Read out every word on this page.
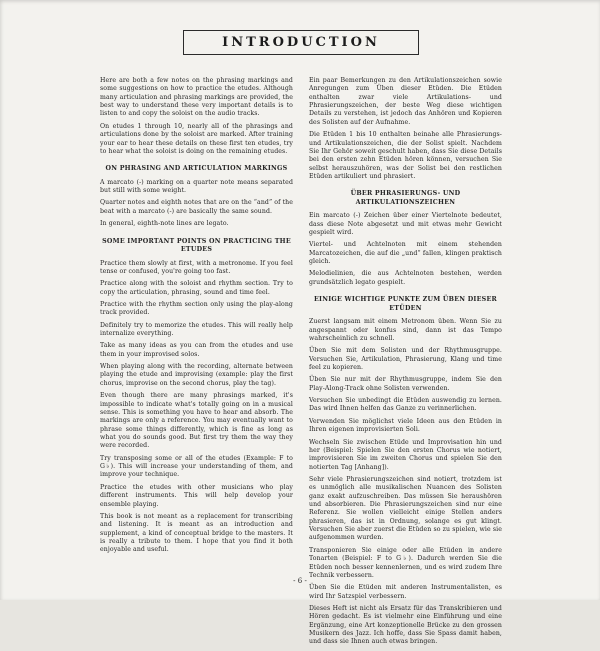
INTRODUCTION

Here are both a few notes on the phrasing markings and some suggestions on how to practice the etudes. Although many articulation and phrasing markings are provided, the best way to understand these very important details is to listen to and copy the soloist on the audio tracks.

On etudes 1 through 10, nearly all of the phrasings and articulations done by the soloist are marked. After training your ear to hear these details on these first ten etudes, try to hear what the soloist is doing on the remaining etudes.

ON PHRASING AND ARTICULATION MARKINGS

A marcato (-) marking on a quarter note means separated but still with some weight.

Quarter notes and eighth notes that are on the “and” of the beat with a marcato (-) are basically the same sound.

In general, eighth-note lines are legato.

SOME IMPORTANT POINTS ON PRACTICING THE ETUDES

Practice them slowly at first, with a metronome. If you feel tense or confused, you're going too fast.

Practice along with the soloist and rhythm section. Try to copy the articulation, phrasing, sound and time feel.

Practice with the rhythm section only using the play-along track provided.

Definitely try to memorize the etudes. This will really help internalize everything.

Take as many ideas as you can from the etudes and use them in your improvised solos.

When playing along with the recording, alternate between playing the etude and improvising (example: play the first chorus, improvise on the second chorus, play the tag).

Even though there are many phrasings marked, it's impossible to indicate what's totally going on in a musical sense. This is something you have to hear and absorb. The markings are only a reference. You may eventually want to phrase some things differently, which is fine as long as what you do sounds good. But first try them the way they were recorded.

Try transposing some or all of the etudes (Example: F to G♭). This will increase your understanding of them, and improve your technique.

Practice the etudes with other musicians who play different instruments. This will help develop your ensemble playing.

This book is not meant as a replacement for transcribing and listening. It is meant as an introduction and supplement, a kind of conceptual bridge to the masters. It is really a tribute to them. I hope that you find it both enjoyable and useful.

Ein paar Bemerkungen zu den Artikulationszeichen sowie Anregungen zum Üben dieser Etüden. Die Etüden enthalten zwar viele Artikulations- und Phrasierungszeichen, der beste Weg diese wichtigen Details zu verstehen, ist jedoch das Anhören und Kopieren des Solisten auf der Aufnahme.

Die Etüden 1 bis 10 enthalten beinahe alle Phrasierungs- und Artikulationszeichen, die der Solist spielt. Nachdem Sie Ihr Gehör soweit geschult haben, dass Sie diese Details bei den ersten zehn Etüden hören können, versuchen Sie selbst herauszuhören, was der Solist bei den restlichen Etüden artikuliert und phrasiert.

ÜBER PHRASIERUNGS- UND ARTIKULATIONSZEICHEN

Ein marcato (-) Zeichen über einer Viertelnote bedeutet, dass diese Note abgesetzt und mit etwas mehr Gewicht gespielt wird.

Viertel- und Achtelnoten mit einem stehenden Marcatozeichen, die auf die „und“ fallen, klingen praktisch gleich.

Melodielinien, die aus Achtelnoten bestehen, werden grundsätzlich legato gespielt.

EINIGE WICHTIGE PUNKTE ZUM ÜBEN DIESER ETÜDEN

Zuerst langsam mit einem Metronom üben. Wenn Sie zu angespannt oder konfus sind, dann ist das Tempo wahrscheinlich zu schnell.

Üben Sie mit dem Solisten und der Rhythmusgruppe. Versuchen Sie, Artikulation, Phrasierung, Klang und time feel zu kopieren.

Üben Sie nur mit der Rhythmusgruppe, indem Sie den Play-Along-Track ohne Solisten verwenden.

Versuchen Sie unbedingt die Etüden auswendig zu lernen. Das wird Ihnen helfen das Ganze zu verinnerlichen.

Verwenden Sie möglichst viele Ideen aus den Etüden in Ihren eigenen improvisierten Soli.

Wechseln Sie zwischen Etüde und Improvisation hin und her (Beispiel: Spielen Sie den ersten Chorus wie notiert, improvisieren Sie im zweiten Chorus und spielen Sie den notierten Tag [Anhang]).

Sehr viele Phrasierungszeichen sind notiert, trotzdem ist es unmöglich alle musikalischen Nuancen des Solisten ganz exakt aufzuschreiben. Das müssen Sie heraushören und absorbieren. Die Phrasierungszeichen sind nur eine Referenz. Sie wollen vielleicht einige Stellen anders phrasieren, das ist in Ordnung, solange es gut klingt. Versuchen Sie aber zuerst die Etüden so zu spielen, wie sie aufgenommen wurden.

Transponieren Sie einige oder alle Etüden in andere Tonarten (Beispiel: F to G♭). Dadurch werden Sie die Etüden noch besser kennenlernen, und es wird zudem Ihre Technik verbessern.

Üben Sie die Etüden mit anderen Instrumentalisten, es wird Ihr Satzspiel verbessern.

Dieses Heft ist nicht als Ersatz für das Transkribieren und Hören gedacht. Es ist vielmehr eine Einführung und eine Ergänzung, eine Art konzeptionelle Brücke zu den grossen Musikern des Jazz. Ich hoffe, dass Sie Spass damit haben, und dass sie Ihnen auch etwas bringen.

- 6 -
